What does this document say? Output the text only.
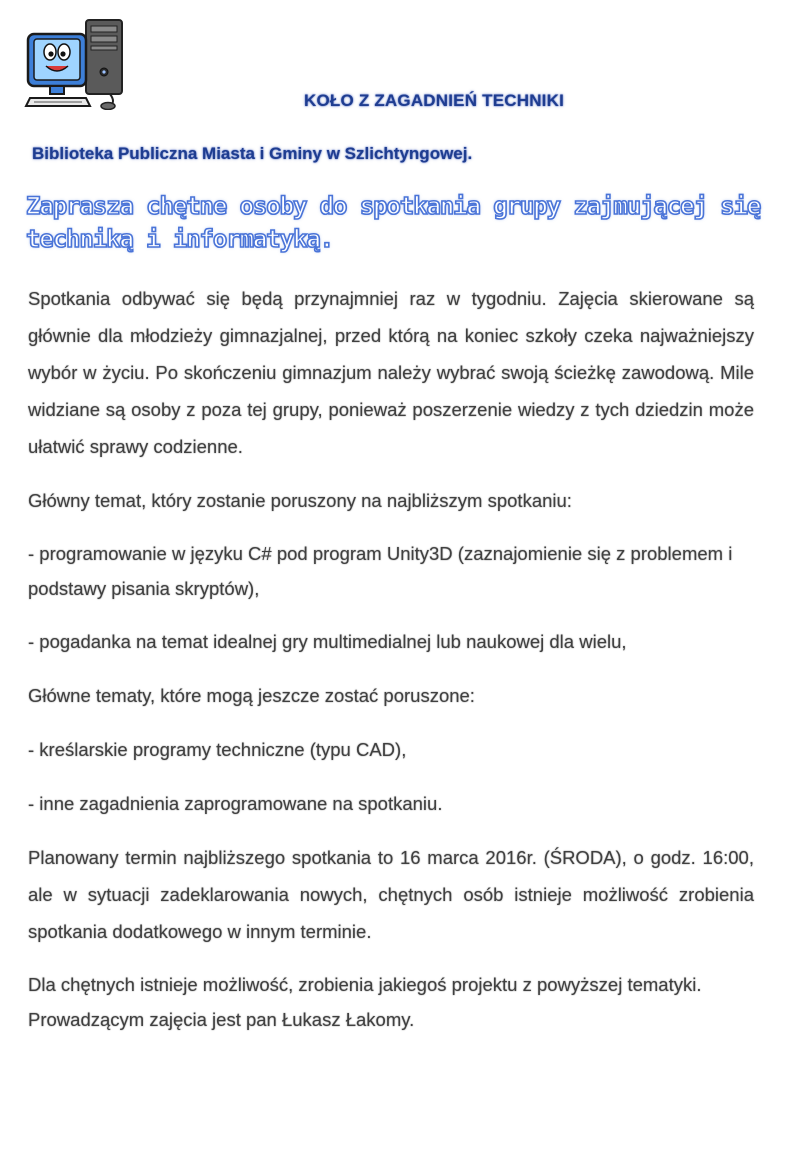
KOŁO Z ZAGADNIEŃ TECHNIKI
Biblioteka Publiczna Miasta i Gminy w Szlichtyngowej.
Zaprasza chętne osoby do spotkania grupy zajmującej się techniką i informatyką.

Spotkania odbywać się będą przynajmniej raz w tygodniu. Zajęcia skierowane są głównie dla młodzieży gimnazjalnej, przed którą na koniec szkoły czeka najważniejszy wybór w życiu. Po skończeniu gimnazjum należy wybrać swoją ścieżkę zawodową. Mile widziane są osoby z poza tej grupy, ponieważ poszerzenie wiedzy z tych dziedzin może ułatwić sprawy codzienne.

Główny temat, który zostanie poruszony na najbliższym spotkaniu:

- programowanie w języku C# pod program Unity3D (zaznajomienie się z problemem i podstawy pisania skryptów),

- pogadanka na temat idealnej gry multimedialnej lub naukowej dla wielu,

Główne tematy, które mogą jeszcze zostać poruszone:

- kreślarskie programy techniczne (typu CAD),

- inne zagadnienia zaprogramowane na spotkaniu.

Planowany termin najbliższego spotkania to 16 marca 2016r. (ŚRODA), o godz. 16:00, ale w sytuacji zadeklarowania nowych, chętnych osób istnieje możliwość zrobienia spotkania dodatkowego w innym terminie.

Dla chętnych istnieje możliwość, zrobienia jakiegoś projektu z powyższej tematyki. Prowadzącym zajęcia jest pan Łukasz Łakomy.
